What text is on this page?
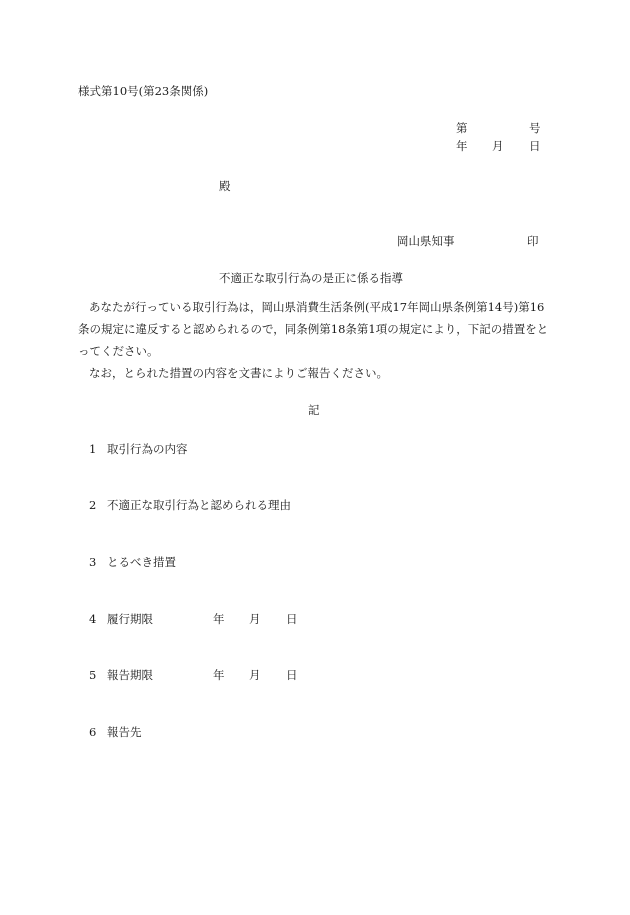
様式第10号(第23条関係)
第	号
年 月 日
殿
岡山県知事	印
不適正な取引行為の是正に係る指導

あなたが行っている取引行為は，岡山県消費生活条例(平成17年岡山県条例第14号)第16条の規定に違反すると認められるので，同条例第18条第1項の規定により，下記の措置をとってください。

なお，とられた措置の内容を文書によりご報告ください。

記
1 取引行為の内容
2 不適正な取引行為と認められる理由
3 とるべき措置
4 履行期限	年 月 日
5 報告期限	年 月 日
6 報告先
